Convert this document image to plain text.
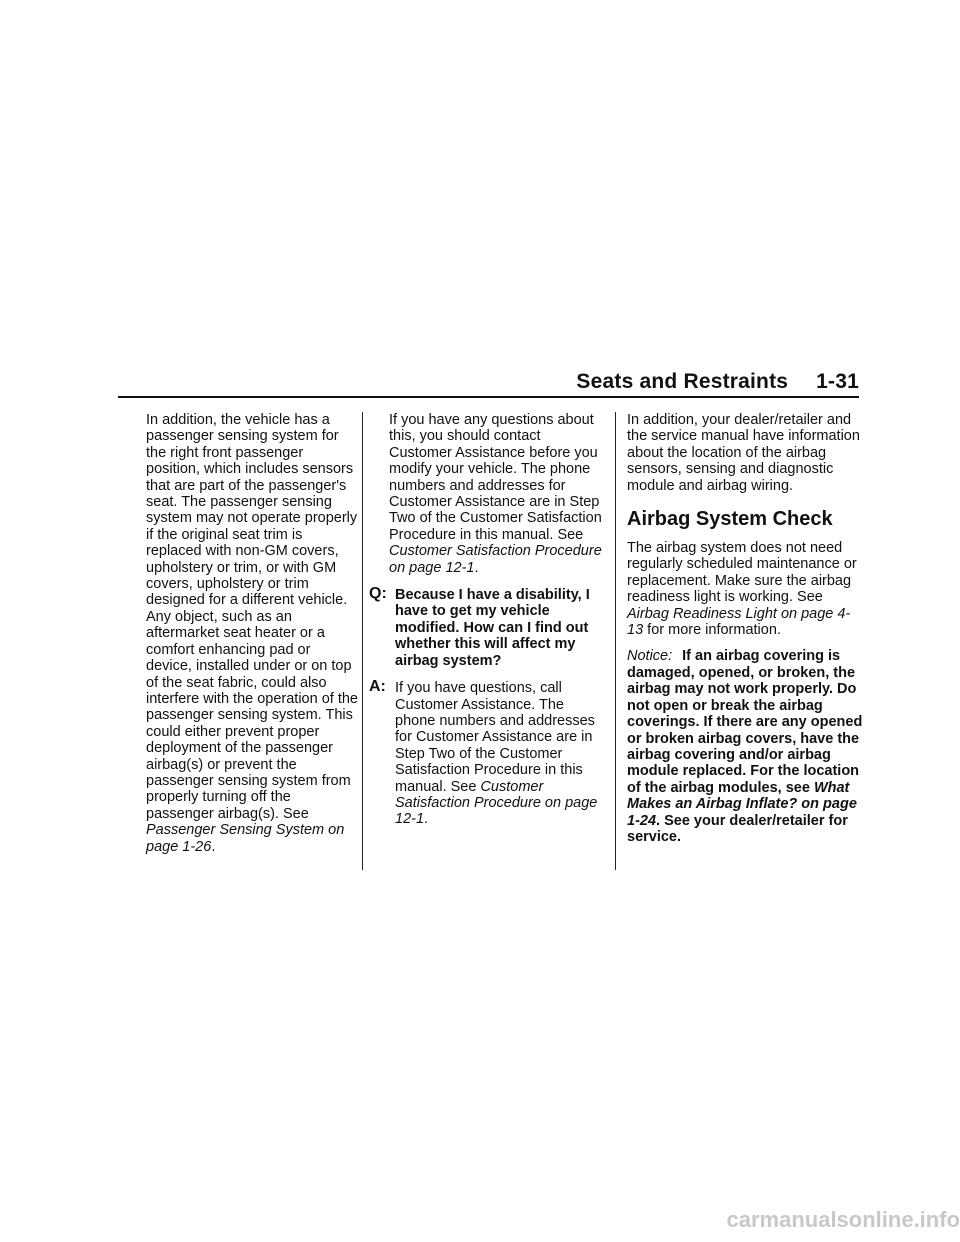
Seats and Restraints 1-31

In addition, the vehicle has a passenger sensing system for the right front passenger position, which includes sensors that are part of the passenger's seat. The passenger sensing system may not operate properly if the original seat trim is replaced with non-GM covers, upholstery or trim, or with GM covers, upholstery or trim designed for a different vehicle. Any object, such as an aftermarket seat heater or a comfort enhancing pad or device, installed under or on top of the seat fabric, could also interfere with the operation of the passenger sensing system. This could either prevent proper deployment of the passenger airbag(s) or prevent the passenger sensing system from properly turning off the passenger airbag(s). See Passenger Sensing System on page 1-26.

If you have any questions about this, you should contact Customer Assistance before you modify your vehicle. The phone numbers and addresses for Customer Assistance are in Step Two of the Customer Satisfaction Procedure in this manual. See Customer Satisfaction Procedure on page 12-1.

Q: Because I have a disability, I have to get my vehicle modified. How can I find out whether this will affect my airbag system?

A: If you have questions, call Customer Assistance. The phone numbers and addresses for Customer Assistance are in Step Two of the Customer Satisfaction Procedure in this manual. See Customer Satisfaction Procedure on page 12-1.

In addition, your dealer/retailer and the service manual have information about the location of the airbag sensors, sensing and diagnostic module and airbag wiring.

Airbag System Check

The airbag system does not need regularly scheduled maintenance or replacement. Make sure the airbag readiness light is working. See Airbag Readiness Light on page 4-13 for more information.

Notice: If an airbag covering is damaged, opened, or broken, the airbag may not work properly. Do not open or break the airbag coverings. If there are any opened or broken airbag covers, have the airbag covering and/or airbag module replaced. For the location of the airbag modules, see What Makes an Airbag Inflate? on page 1-24. See your dealer/retailer for service.

carmanualsonline.info
